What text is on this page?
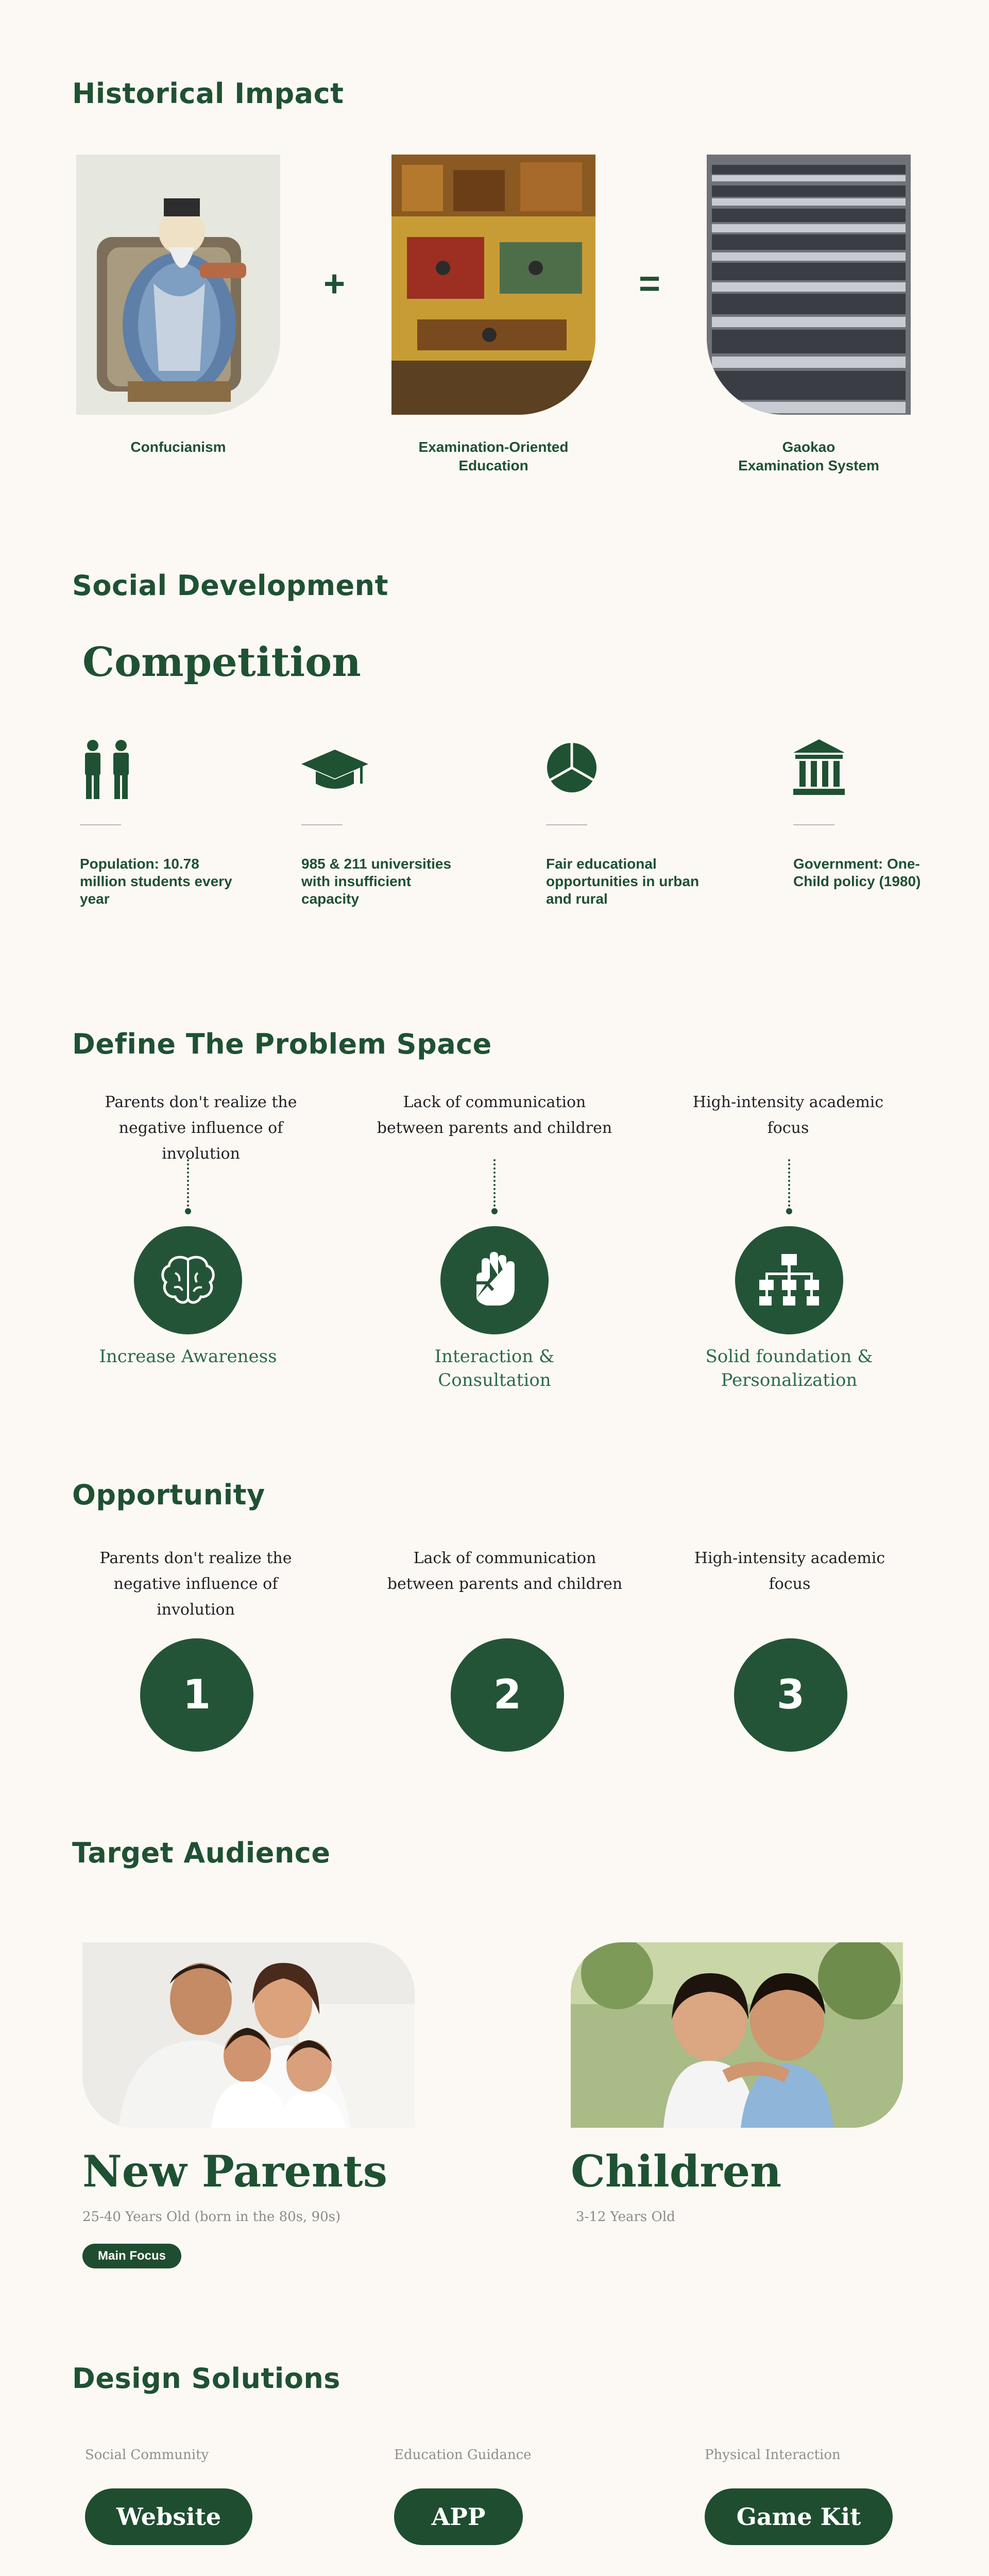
Historical Impact
+	=
Confucianism	Examination-Oriented Education
Gaokao Examination System
Social Development
Competition
Population: 10.78 million students every year
985 & 211 universities with insufficient capacity
Fair educational opportunities in urban and rural
Government: One-Child policy (1980)
Define The Problem Space
Parents don't realize the negative influence of involution
Increase Awareness
Lack of communication between parents and children
Interaction & Consultation
High-intensity academic focus
Solid foundation & Personalization
Opportunity
Parents don't realize the negative influence of involution
1
Lack of communication between parents and children
2
High-intensity academic focus
3
Target Audience
New Parents
25-40 Years Old (born in the 80s, 90s)
Main Focus
Children
3-12 Years Old
Design Solutions
Social Community
Website
Education Guidance
APP
Physical Interaction
Game Kit
